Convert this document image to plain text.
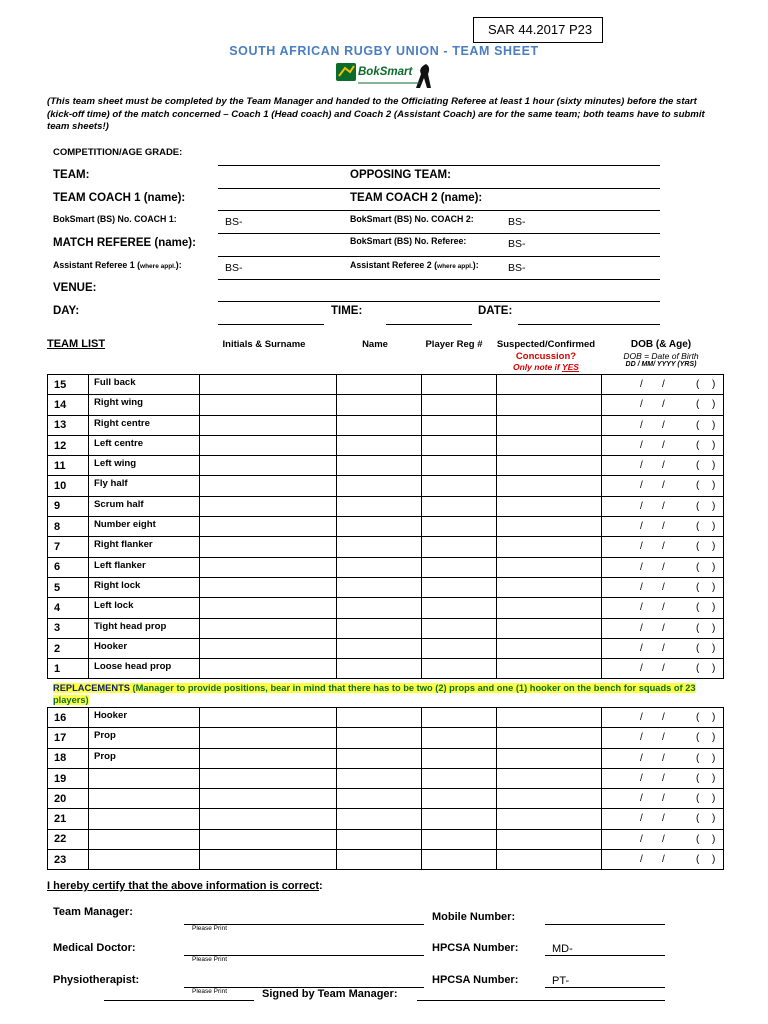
SAR 44.2017 P23
SOUTH AFRICAN RUGBY UNION - TEAM SHEET
BokSmart
(This team sheet must be completed by the Team Manager and handed to the Officiating Referee at least 1 hour (sixty minutes) before the start (kick-off time) of the match concerned – Coach 1 (Head coach) and Coach 2 (Assistant Coach) are for the same team; both teams have to submit team sheets!)
COMPETITION/AGE GRADE:
TEAM:	OPPOSING TEAM:
TEAM COACH 1 (name):	TEAM COACH 2 (name):
BokSmart (BS) No. COACH 1:	BS-	BokSmart (BS) No. COACH 2:	BS-
MATCH REFEREE (name):	BokSmart (BS) No. Referee:	BS-
Assistant Referee 1 (where appl.):	BS-	Assistant Referee 2 (where appl.):	BS-
VENUE:
DAY:	TIME:	DATE:
TEAM LIST	Initials & Surname	Name	Player Reg #	Suspected/Confirmed
Concussion?
Only note if YES
DOB (& Age)
DOB = Date of Birth
DD / MM/ YYYY (YRS)
15	Full back					/ / ( )

14	Right wing					/ / ( )

13	Right centre					/ / ( )

12	Left centre					/ / ( )

11	Left wing					/ / ( )

10	Fly half					/ / ( )

9	Scrum half					/ / ( )

8	Number eight					/ / ( )

7	Right flanker					/ / ( )

6	Left flanker					/ / ( )

5	Right lock					/ / ( )

4	Left lock					/ / ( )

3	Tight head prop					/ / ( )

2	Hooker					/ / ( )

1	Loose head prop					/ / ( )
REPLACEMENTS (Manager to provide positions, bear in mind that there has to be two (2) props and one (1) hooker on the bench for squads of 23 players)
16	Hooker					/ / ( )

17	Prop					/ / ( )

18	Prop					/ / ( )

19						/ / ( )

20						/ / ( )

21						/ / ( )

22						/ / ( )

23						/ / ( )
I hereby certify that the above information is correct:
Team Manager:
Please Print
Mobile Number:
Medical Doctor:
Please Print
HPCSA Number:	MD-
Physiotherapist:
Please Print
HPCSA Number:	PT-
Signed by Team Manager:
